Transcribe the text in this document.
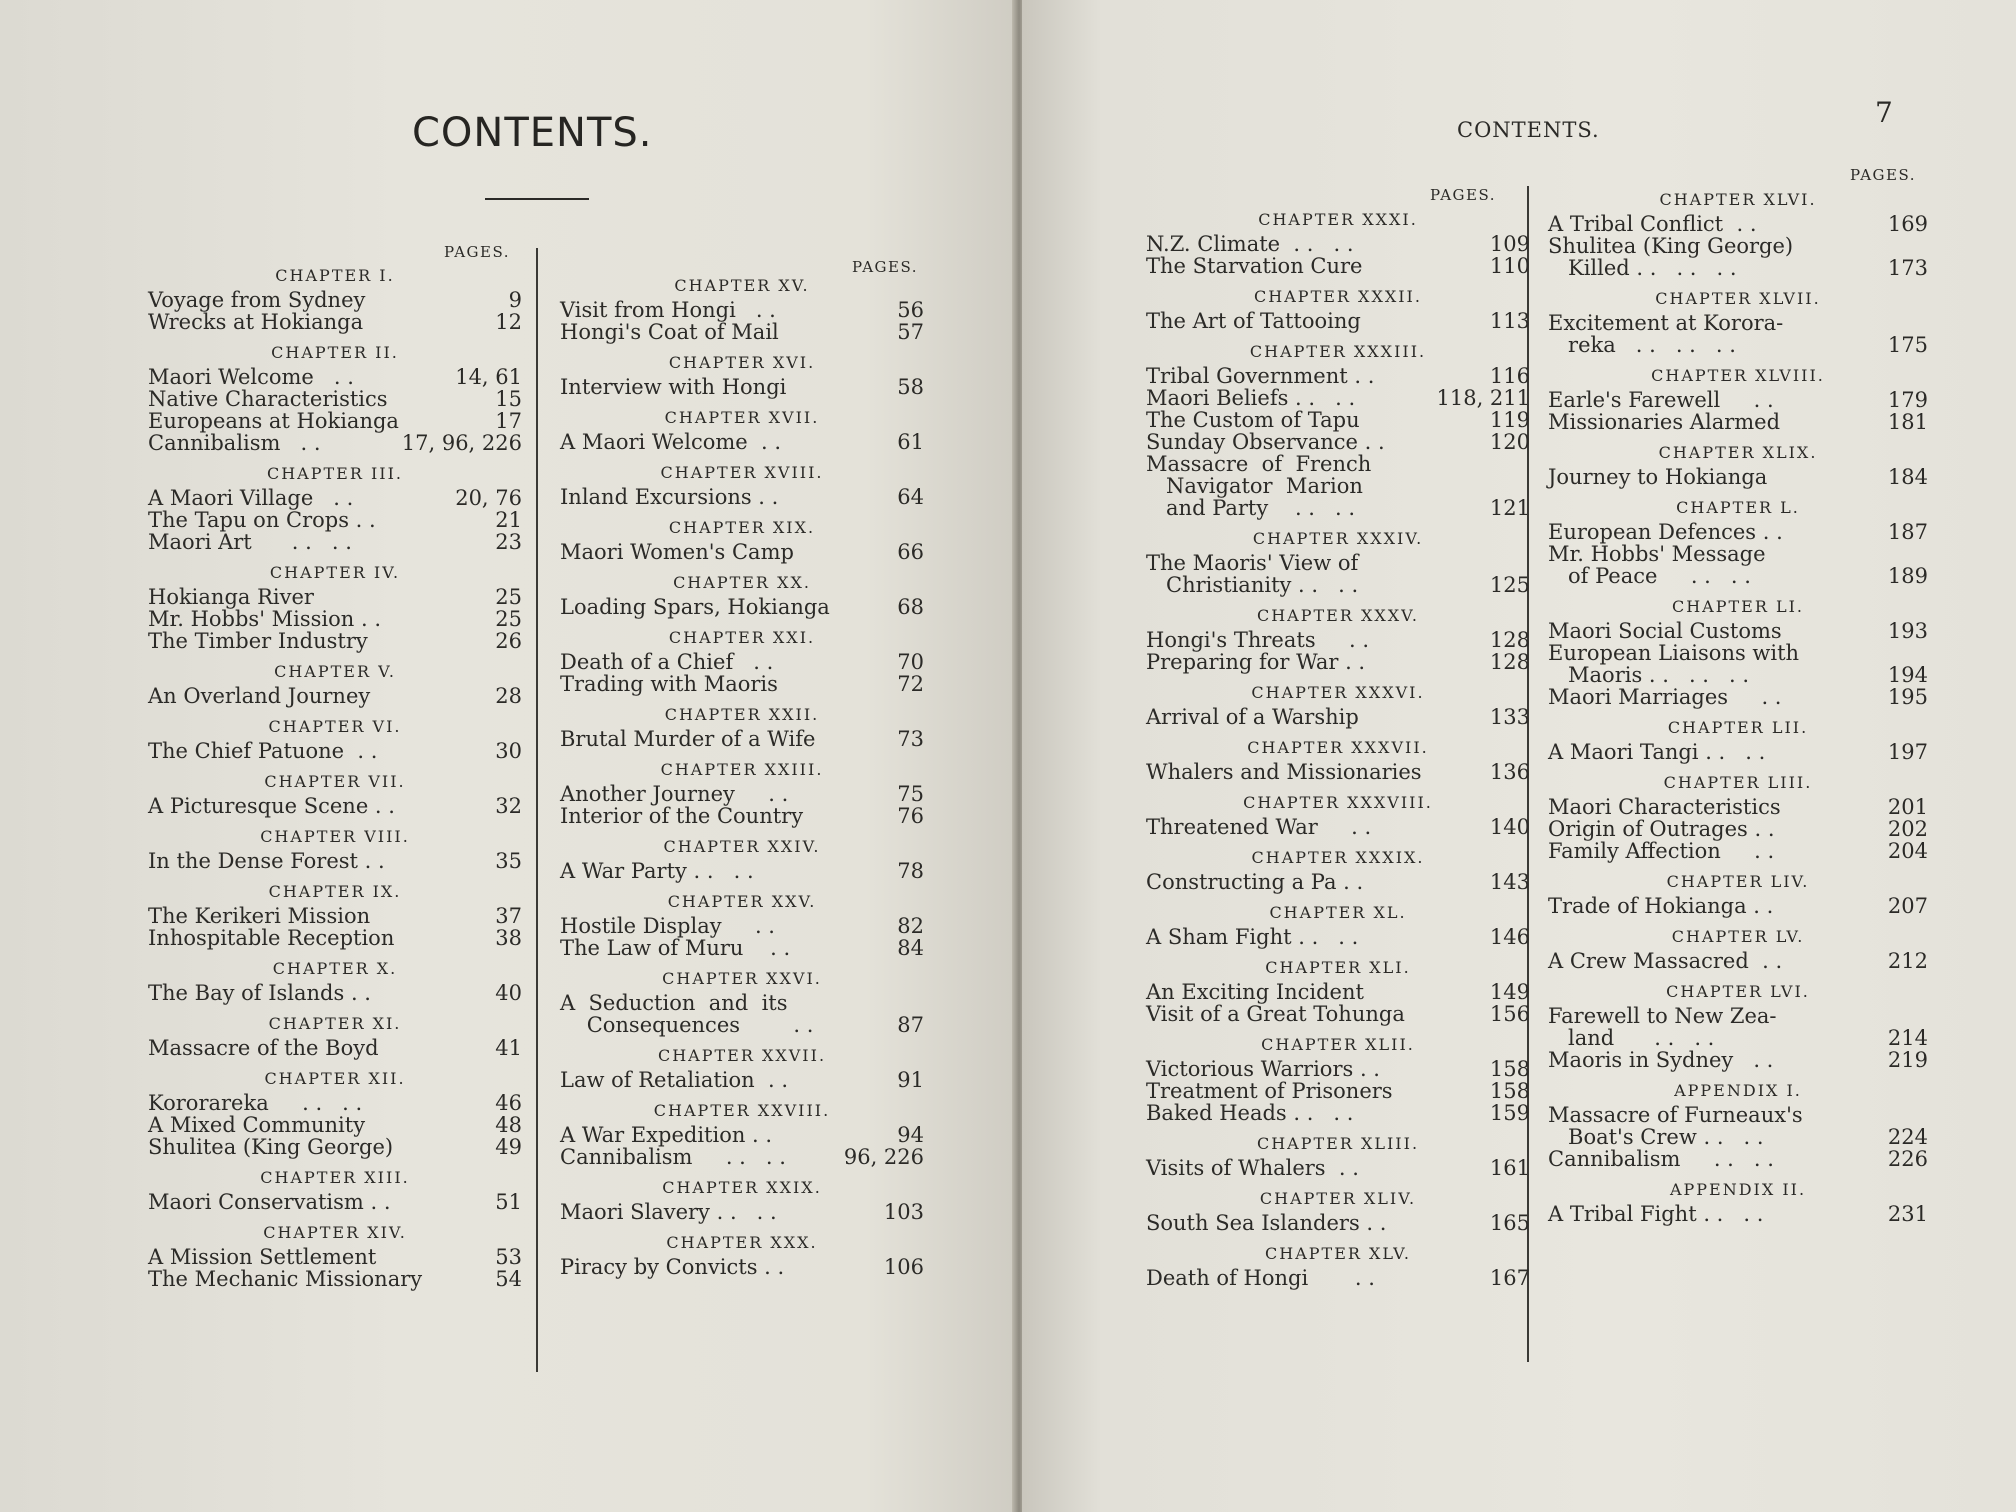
CONTENTS.
PAGES.
PAGES.
CHAPTER I.
Voyage from Sydney	9
Wrecks at Hokianga	12
CHAPTER II.
Maori Welcome   . .	14, 61
Native Characteristics	15
Europeans at Hokianga	17
Cannibalism   . .	17, 96, 226
CHAPTER III.
A Maori Village   . .	20, 76
The Tapu on Crops . .	21
Maori Art      . .   . .	23
CHAPTER IV.
Hokianga River	25
Mr. Hobbs' Mission . .	25
The Timber Industry	26
CHAPTER V.
An Overland Journey	28
CHAPTER VI.
The Chief Patuone  . .	30
CHAPTER VII.
A Picturesque Scene . .	32
CHAPTER VIII.
In the Dense Forest . .	35
CHAPTER IX.
The Kerikeri Mission	37
Inhospitable Reception	38
CHAPTER X.
The Bay of Islands . .	40
CHAPTER XI.
Massacre of the Boyd	41
CHAPTER XII.
Kororareka     . .   . .	46
A Mixed Community	48
Shulitea (King George)	49
CHAPTER XIII.
Maori Conservatism . .	51
CHAPTER XIV.
A Mission Settlement	53
The Mechanic Missionary	54
CHAPTER XV.
Visit from Hongi   . .	56
Hongi's Coat of Mail	57
CHAPTER XVI.
Interview with Hongi	58
CHAPTER XVII.
A Maori Welcome  . .	61
CHAPTER XVIII.
Inland Excursions . .	64
CHAPTER XIX.
Maori Women's Camp	66
CHAPTER XX.
Loading Spars, Hokianga	68
CHAPTER XXI.
Death of a Chief   . .	70
Trading with Maoris	72
CHAPTER XXII.
Brutal Murder of a Wife	73
CHAPTER XXIII.
Another Journey     . .	75
Interior of the Country	76
CHAPTER XXIV.
A War Party . .   . .	78
CHAPTER XXV.
Hostile Display     . .	82
The Law of Muru    . .	84
CHAPTER XXVI.
A  Seduction  and  its
Consequences        . .	87
CHAPTER XXVII.
Law of Retaliation  . .	91
CHAPTER XXVIII.
A War Expedition . .	94
Cannibalism     . .   . .	96, 226
CHAPTER XXIX.
Maori Slavery . .   . .	103
CHAPTER XXX.
Piracy by Convicts . .	106
CONTENTS.
7
PAGES.
PAGES.
CHAPTER XXXI.
N.Z. Climate  . .   . .	109
The Starvation Cure	110
CHAPTER XXXII.
The Art of Tattooing	113
CHAPTER XXXIII.
Tribal Government . .	116
Maori Beliefs . .   . .	118, 211
The Custom of Tapu	119
Sunday Observance . .	120
Massacre  of  French
Navigator  Marion
and Party    . .   . .	121
CHAPTER XXXIV.
The Maoris' View of
Christianity . .   . .	125
CHAPTER XXXV.
Hongi's Threats     . .	128
Preparing for War . .	128
CHAPTER XXXVI.
Arrival of a Warship	133
CHAPTER XXXVII.
Whalers and Missionaries	136
CHAPTER XXXVIII.
Threatened War     . .	140
CHAPTER XXXIX.
Constructing a Pa . .	143
CHAPTER XL.
A Sham Fight . .   . .	146
CHAPTER XLI.
An Exciting Incident	149
Visit of a Great Tohunga	156
CHAPTER XLII.
Victorious Warriors . .	158
Treatment of Prisoners	158
Baked Heads . .   . .	159
CHAPTER XLIII.
Visits of Whalers  . .	161
CHAPTER XLIV.
South Sea Islanders . .	165
CHAPTER XLV.
Death of Hongi       . .	167
CHAPTER XLVI.
A Tribal Conflict  . .	169
Shulitea (King George)
Killed . .   . .   . .	173
CHAPTER XLVII.
Excitement at Korora-
reka   . .   . .   . .	175
CHAPTER XLVIII.
Earle's Farewell     . .	179
Missionaries Alarmed	181
CHAPTER XLIX.
Journey to Hokianga	184
CHAPTER L.
European Defences . .	187
Mr. Hobbs' Message
of Peace     . .   . .	189
CHAPTER LI.
Maori Social Customs	193
European Liaisons with
Maoris . .   . .   . .	194
Maori Marriages     . .	195
CHAPTER LII.
A Maori Tangi . .   . .	197
CHAPTER LIII.
Maori Characteristics	201
Origin of Outrages . .	202
Family Affection     . .	204
CHAPTER LIV.
Trade of Hokianga . .	207
CHAPTER LV.
A Crew Massacred  . .	212
CHAPTER LVI.
Farewell to New Zea-
land      . .   . .	214
Maoris in Sydney   . .	219
APPENDIX I.
Massacre of Furneaux's
Boat's Crew . .   . .	224
Cannibalism     . .   . .	226
APPENDIX II.
A Tribal Fight . .   . .	231
